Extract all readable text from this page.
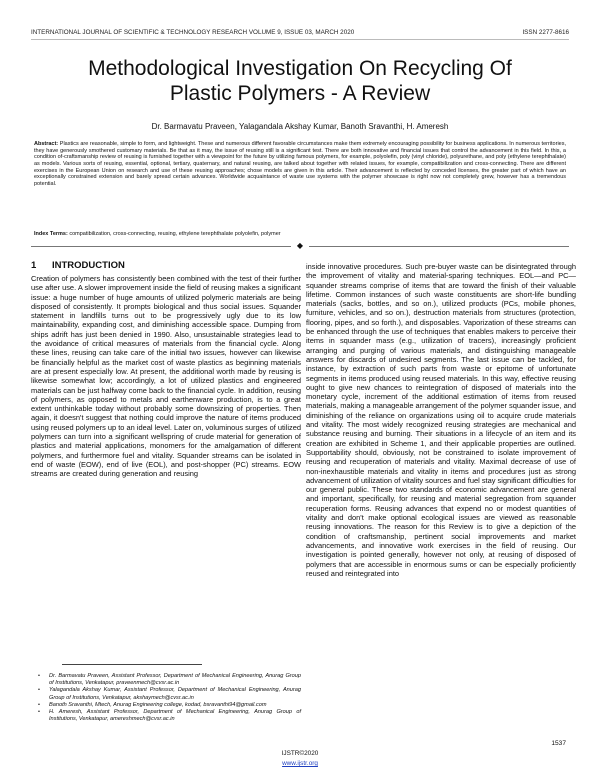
INTERNATIONAL JOURNAL OF SCIENTIFIC & TECHNOLOGY RESEARCH VOLUME 9, ISSUE 03, MARCH 2020	ISSN 2277-8616
Methodological Investigation On Recycling Of
Plastic Polymers - A Review
Dr. Barmavatu Praveen, Yalagandala Akshay Kumar, Banoth Sravanthi, H. Ameresh
Abstract: Plastics are reasonable, simple to form, and lightweight. These and numerous different favorable circumstances make them extremely encouraging possibility for business applications. In numerous territories, they have generously smothered customary materials. Be that as it may, the issue of reusing still is a significant test. There are both innovative and financial issues that control the advancement in this field. In this, a condition of-craftsmanship review of reusing is furnished together with a viewpoint for the future by utilizing famous polymers, for example, polyolefin, poly (vinyl chloride), polyurethane, and poly (ethylene terephthalate) as models. Various sorts of reusing, essential, optional, tertiary, quaternary, and natural reusing, are talked about together with related issues, for example, compatibilization and cross-connecting. There are different exercises in the European Union on research and use of these reusing approaches; chose models are given in this article. Their advancement is reflected by conceded licenses, the greater part of which have an exceptionally constrained extension and barely spread certain advances. Worldwide acquaintance of waste use systems with the polymer showcase is right now not completely grew, however has a tremendous potential.
Index Terms: compatibilization, cross-connecting, reusing, ethylene terephthalate polyolefin, polymer
◆
1 INTRODUCTION

Creation of polymers has consistently been combined with the test of their further use after use. A slower improvement inside the field of reusing makes a significant issue: a huge number of huge amounts of utilized polymeric materials are being disposed of consistently. It prompts biological and thus social issues. Squander statement in landfills turns out to be progressively ugly due to its low maintainability, expanding cost, and diminishing accessible space. Dumping from ships adrift has just been denied in 1990. Also, unsustainable strategies lead to the avoidance of critical measures of materials from the financial cycle. Along these lines, reusing can take care of the initial two issues, however can likewise be financially helpful as the market cost of waste plastics as beginning materials are at present especially low. At present, the additional worth made by reusing is likewise somewhat low; accordingly, a lot of utilized plastics and engineered materials can be just halfway come back to the financial cycle. In addition, reusing of polymers, as opposed to metals and earthenware production, is to a great extent unthinkable today without probably some downsizing of properties. Then again, it doesn't suggest that nothing could improve the nature of items produced using reused polymers up to an ideal level. Later on, voluminous surges of utilized polymers can turn into a significant wellspring of crude material for generation of plastics and material applications, monomers for the amalgamation of different polymers, and furthermore fuel and vitality. Squander streams can be isolated in end of waste (EOW), end of live (EOL), and post-shopper (PC) streams. EOW streams are created during generation and reusing

inside innovative procedures. Such pre-buyer waste can be disintegrated through the improvement of vitality and material-sparing techniques. EOL—and PC—squander streams comprise of items that are toward the finish of their valuable lifetime. Common instances of such waste constituents are short-life bundling materials (sacks, bottles, and so on.), utilized products (PCs, mobile phones, furniture, vehicles, and so on.), destruction materials from structures (protection, flooring, pipes, and so forth.), and disposables. Vaporization of these streams can be enhanced through the use of techniques that enables makers to perceive their items in squander mass (e.g., utilization of tracers), increasingly proficient arranging and purging of various materials, and distinguishing manageable answers for discards of undesired segments. The last issue can be tackled, for instance, by extraction of such parts from waste or epitome of unfortunate segments in items produced using reused materials. In this way, effective reusing ought to give new chances to reintegration of disposed of materials into the monetary cycle, increment of the additional estimation of items from reused materials, making a manageable arrangement of the polymer squander issue, and diminishing of the reliance on organizations using oil to acquire crude materials and vitality. The most widely recognized reusing strategies are mechanical and substance reusing and burning. Their situations in a lifecycle of an item and its creation are exhibited in Scheme 1, and their applicable properties are outlined. Supportability should, obviously, not be constrained to isolate improvement of reusing and recuperation of materials and vitality. Maximal decrease of use of non-inexhaustible materials and vitality in items and procedures just as strong advancement of utilization of vitality sources and fuel stay significant difficulties for our general public. These two standards of economic advancement are general and important, specifically, for reusing and material segregation from squander recuperation forms. Reusing advances that expend no or modest quantities of vitality and don't make optional ecological issues are viewed as reasonable reusing innovations. The reason for this Review is to give a depiction of the condition of craftsmanship, pertinent social improvements and market advancements, and innovative work exercises in the field of reusing. Our investigation is pointed generally, however not only, at reusing of disposed of polymers that are accessible in enormous sums or can be especially proficiently reused and reintegrated into

•	Dr. Barmavatu Praveen, Assistant Professor, Department of Mechanical Engineering, Anurag Group of Institutions, Venkatapur, praveenmech@cvsr.ac.in
•	Yalagandala Akshay Kumar, Assistant Professor, Department of Mechanical Engineering, Anurag Group of Institutions, Venkatapur, akshaymech@cvsr.ac.in
•	Banoth Sravanthi, Mtech, Anurag Engineering college, kodad, bsravanthi94@gmail.com
•	H. Ameresh, Assistant Professor, Department of Mechanical Engineering, Anurag Group of Institutions, Venkatapur, amereshmech@cvsr.ac.in
1537
IJSTR©2020
www.ijstr.org
